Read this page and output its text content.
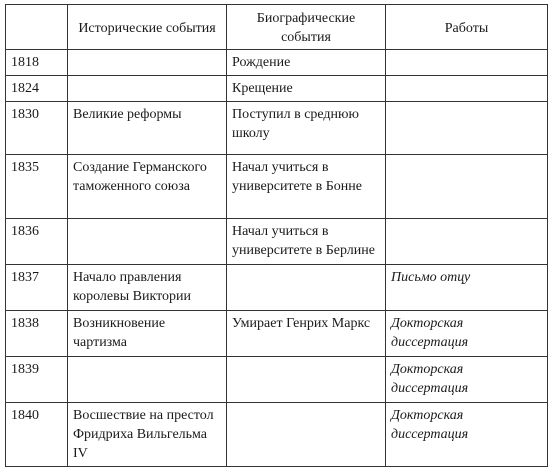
	Исторические события	Биографические события	Работы
1818		Рождение	
1824		Крещение	
1830	Великие реформы	Поступил в среднюю школу	
1835	Создание Германского таможенного союза	Начал учиться в университете в Бонне	
1836		Начал учиться в университете в Берлине	
1837	Начало правления королевы Виктории		Письмо отцу
1838	Возникновение чартизма	Умирает Генрих Маркс	Докторская диссертация
1839			Докторская диссертация
1840	Восшествие на престол Фридриха Вильгельма IV		Докторская диссертация
